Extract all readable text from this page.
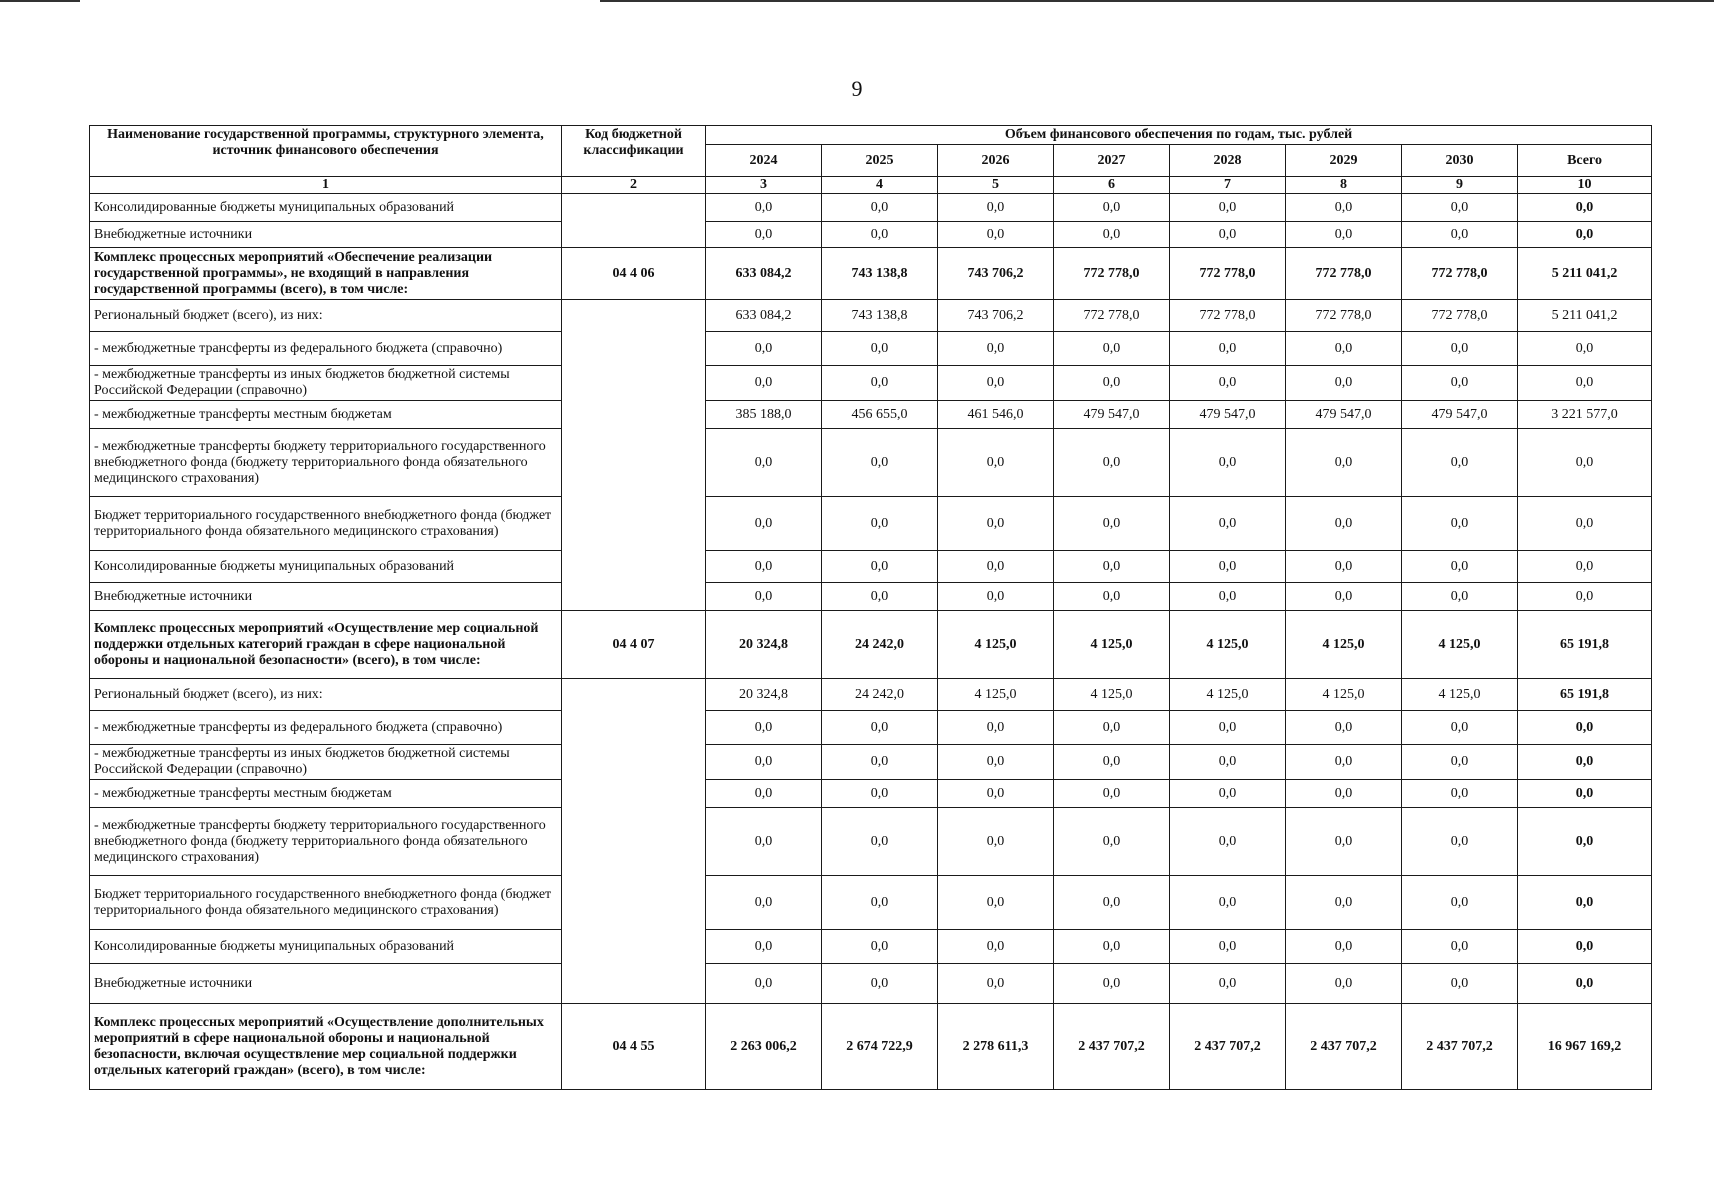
9
Наименование государственной программы, структурного элемента, источник финансового обеспечения	Код бюджетной классификации	Объем финансового обеспечения по годам, тыс. рублей							
		2024	2025	2026	2027	2028	2029	2030	Всего
1	2	3	4	5	6	7	8	9	10
Консолидированные бюджеты муниципальных образований		0,0	0,0	0,0	0,0	0,0	0,0	0,0	0,0
Внебюджетные источники		0,0	0,0	0,0	0,0	0,0	0,0	0,0	0,0
Комплекс процессных мероприятий «Обеспечение реализации государственной программы», не входящий в направления государственной программы (всего), в том числе:	04 4 06	633 084,2	743 138,8	743 706,2	772 778,0	772 778,0	772 778,0	772 778,0	5 211 041,2
Региональный бюджет (всего), из них:		633 084,2	743 138,8	743 706,2	772 778,0	772 778,0	772 778,0	772 778,0	5 211 041,2
- межбюджетные трансферты из федерального бюджета (справочно)		0,0	0,0	0,0	0,0	0,0	0,0	0,0	0,0
- межбюджетные трансферты из иных бюджетов бюджетной системы Российской Федерации (справочно)		0,0	0,0	0,0	0,0	0,0	0,0	0,0	0,0
- межбюджетные трансферты местным бюджетам		385 188,0	456 655,0	461 546,0	479 547,0	479 547,0	479 547,0	479 547,0	3 221 577,0
- межбюджетные трансферты бюджету территориального государственного внебюджетного фонда (бюджету территориального фонда обязательного медицинского страхования)		0,0	0,0	0,0	0,0	0,0	0,0	0,0	0,0
Бюджет территориального государственного внебюджетного фонда (бюджет территориального фонда обязательного медицинского страхования)		0,0	0,0	0,0	0,0	0,0	0,0	0,0	0,0
Консолидированные бюджеты муниципальных образований		0,0	0,0	0,0	0,0	0,0	0,0	0,0	0,0
Внебюджетные источники		0,0	0,0	0,0	0,0	0,0	0,0	0,0	0,0
Комплекс процессных мероприятий «Осуществление мер социальной поддержки отдельных категорий граждан в сфере национальной обороны и национальной безопасности» (всего), в том числе:	04 4 07	20 324,8	24 242,0	4 125,0	4 125,0	4 125,0	4 125,0	4 125,0	65 191,8
Региональный бюджет (всего), из них:		20 324,8	24 242,0	4 125,0	4 125,0	4 125,0	4 125,0	4 125,0	65 191,8
- межбюджетные трансферты из федерального бюджета (справочно)		0,0	0,0	0,0	0,0	0,0	0,0	0,0	0,0
- межбюджетные трансферты из иных бюджетов бюджетной системы Российской Федерации (справочно)		0,0	0,0	0,0	0,0	0,0	0,0	0,0	0,0
- межбюджетные трансферты местным бюджетам		0,0	0,0	0,0	0,0	0,0	0,0	0,0	0,0
- межбюджетные трансферты бюджету территориального государственного внебюджетного фонда (бюджету территориального фонда обязательного медицинского страхования)		0,0	0,0	0,0	0,0	0,0	0,0	0,0	0,0
Бюджет территориального государственного внебюджетного фонда (бюджет территориального фонда обязательного медицинского страхования)		0,0	0,0	0,0	0,0	0,0	0,0	0,0	0,0
Консолидированные бюджеты муниципальных образований		0,0	0,0	0,0	0,0	0,0	0,0	0,0	0,0
Внебюджетные источники		0,0	0,0	0,0	0,0	0,0	0,0	0,0	0,0
Комплекс процессных мероприятий «Осуществление дополнительных мероприятий в сфере национальной обороны и национальной безопасности, включая осуществление мер социальной поддержки отдельных категорий граждан» (всего), в том числе:	04 4 55	2 263 006,2	2 674 722,9	2 278 611,3	2 437 707,2	2 437 707,2	2 437 707,2	2 437 707,2	16 967 169,2
